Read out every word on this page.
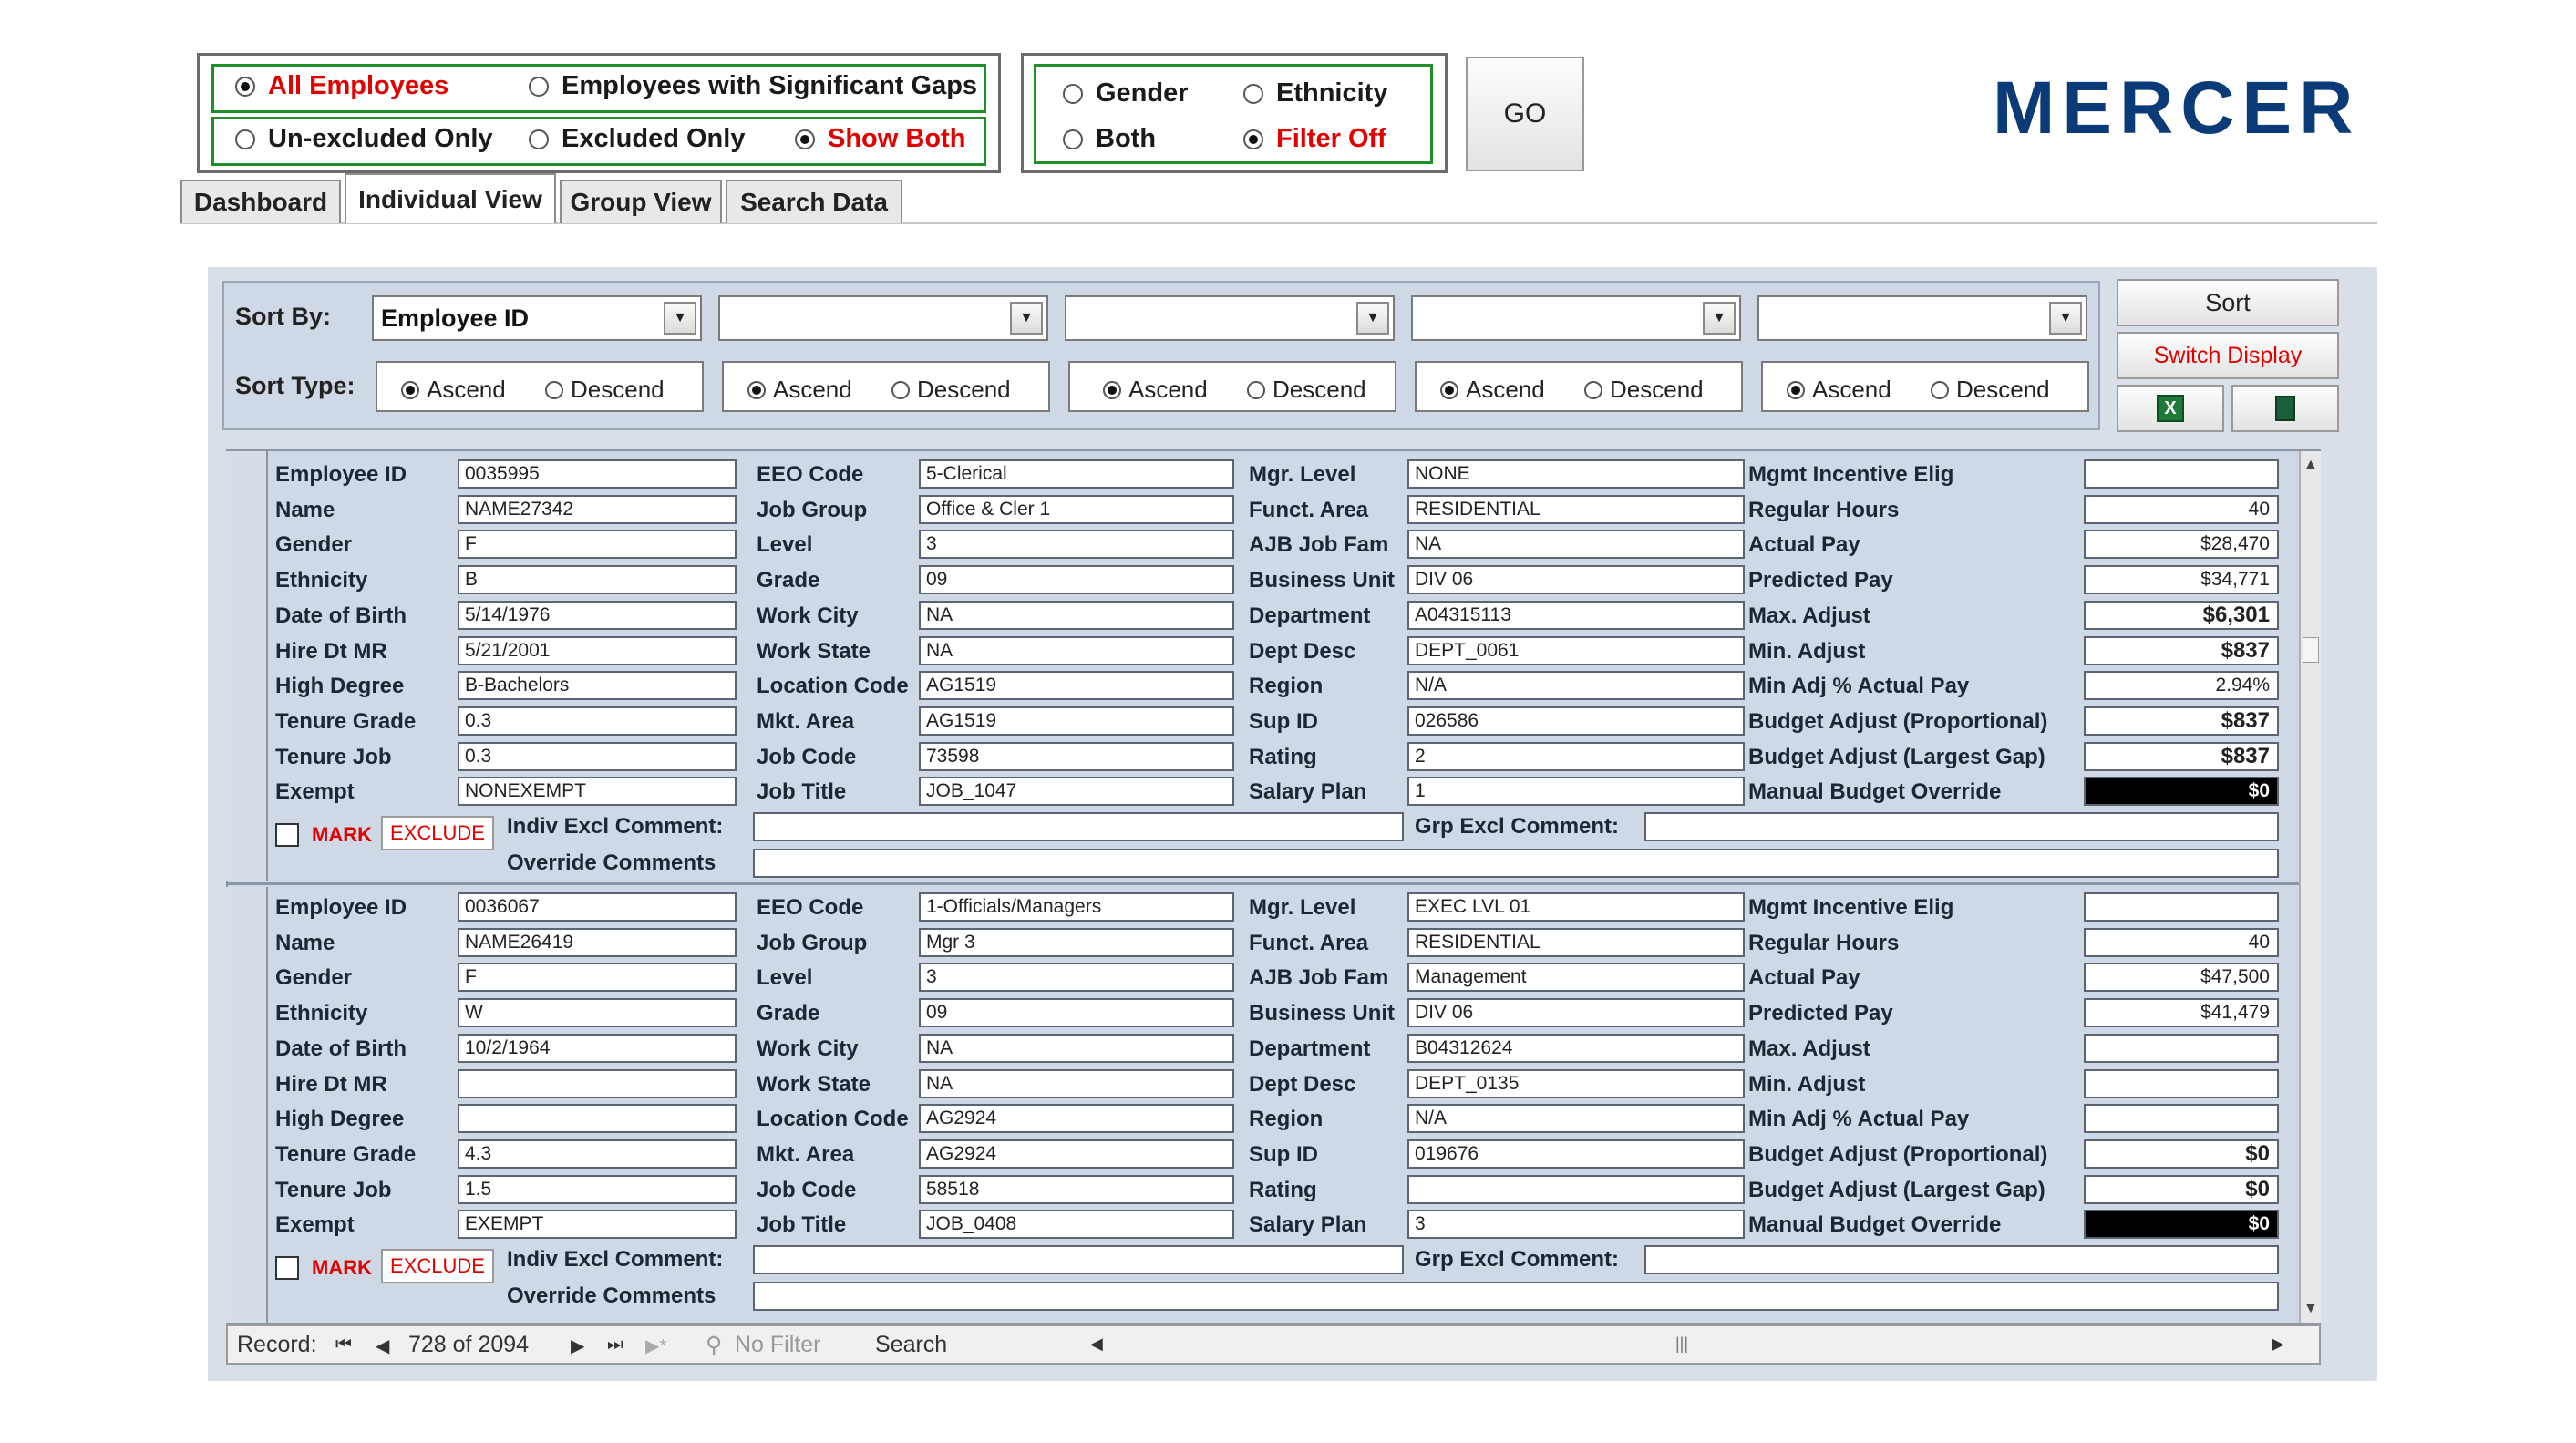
All Employees	Employees with Significant Gaps
Un-excluded Only	Excluded Only	Show Both
Gender	Ethnicity
Both	Filter Off
GO	MERCER
Dashboard	Individual View	Group View	Search Data
Sort By:
Sort Type:
Employee ID	▼	▼	▼	▼	▼
Ascend	Descend	Ascend	Descend	Ascend	Descend	Ascend	Descend	Ascend	Descend
Sort
Switch Display
X
Employee ID	0035995
Name	NAME27342
Gender	F
Ethnicity	B
Date of Birth	5/14/1976
Hire Dt MR	5/21/2001
High Degree	B-Bachelors
Tenure Grade	0.3
Tenure Job	0.3
Exempt	NONEXEMPT
EEO Code	5-Clerical
Job Group	Office & Cler 1
Level	3
Grade	09
Work City	NA
Work State	NA
Location Code AG1519
Mkt. Area	AG1519
Job Code	73598
Job Title	JOB_1047
Mgr. Level	NONE
Funct. Area	RESIDENTIAL
AJB Job Fam	NA
Business Unit	DIV 06
Department	A04315113
Dept Desc	DEPT_0061
Region	N/A
Sup ID	026586
Rating	2
Salary Plan	1
Mgmt Incentive Elig
Regular Hours	40
Actual Pay	$28,470
Predicted Pay	$34,771
Max. Adjust	$6,301
Min. Adjust	$837
Min Adj % Actual Pay	2.94%
Budget Adjust (Proportional)	$837
Budget Adjust (Largest Gap)	$837
Manual Budget Override	$0
MARK EXCLUDE	Indiv Excl Comment:	Grp Excl Comment:
Override Comments
Employee ID	0036067
Name	NAME26419
Gender	F
Ethnicity	W
Date of Birth	10/2/1964
Hire Dt MR
High Degree
Tenure Grade	4.3
Tenure Job	1.5
Exempt	EXEMPT
EEO Code	1-Officials/Managers
Job Group	Mgr 3
Level	3
Grade	09
Work City	NA
Work State	NA
Location Code AG2924
Mkt. Area	AG2924
Job Code	58518
Job Title	JOB_0408
Mgr. Level	EXEC LVL 01
Funct. Area	RESIDENTIAL
AJB Job Fam	Management
Business Unit	DIV 06
Department	B04312624
Dept Desc	DEPT_0135
Region	N/A
Sup ID	019676
Rating
Salary Plan	3
Mgmt Incentive Elig
Regular Hours	40
Actual Pay	$47,500
Predicted Pay	$41,479
Max. Adjust
Min. Adjust
Min Adj % Actual Pay
Budget Adjust (Proportional)	$0
Budget Adjust (Largest Gap)	$0
Manual Budget Override	$0
MARK EXCLUDE	Indiv Excl Comment:	Grp Excl Comment:
Override Comments
▲
▼
Record: ⏮ ◀ 728 of 2094 ▶ ⏭ ▶* ⚲ No Filter Search	◀	|||	▶
